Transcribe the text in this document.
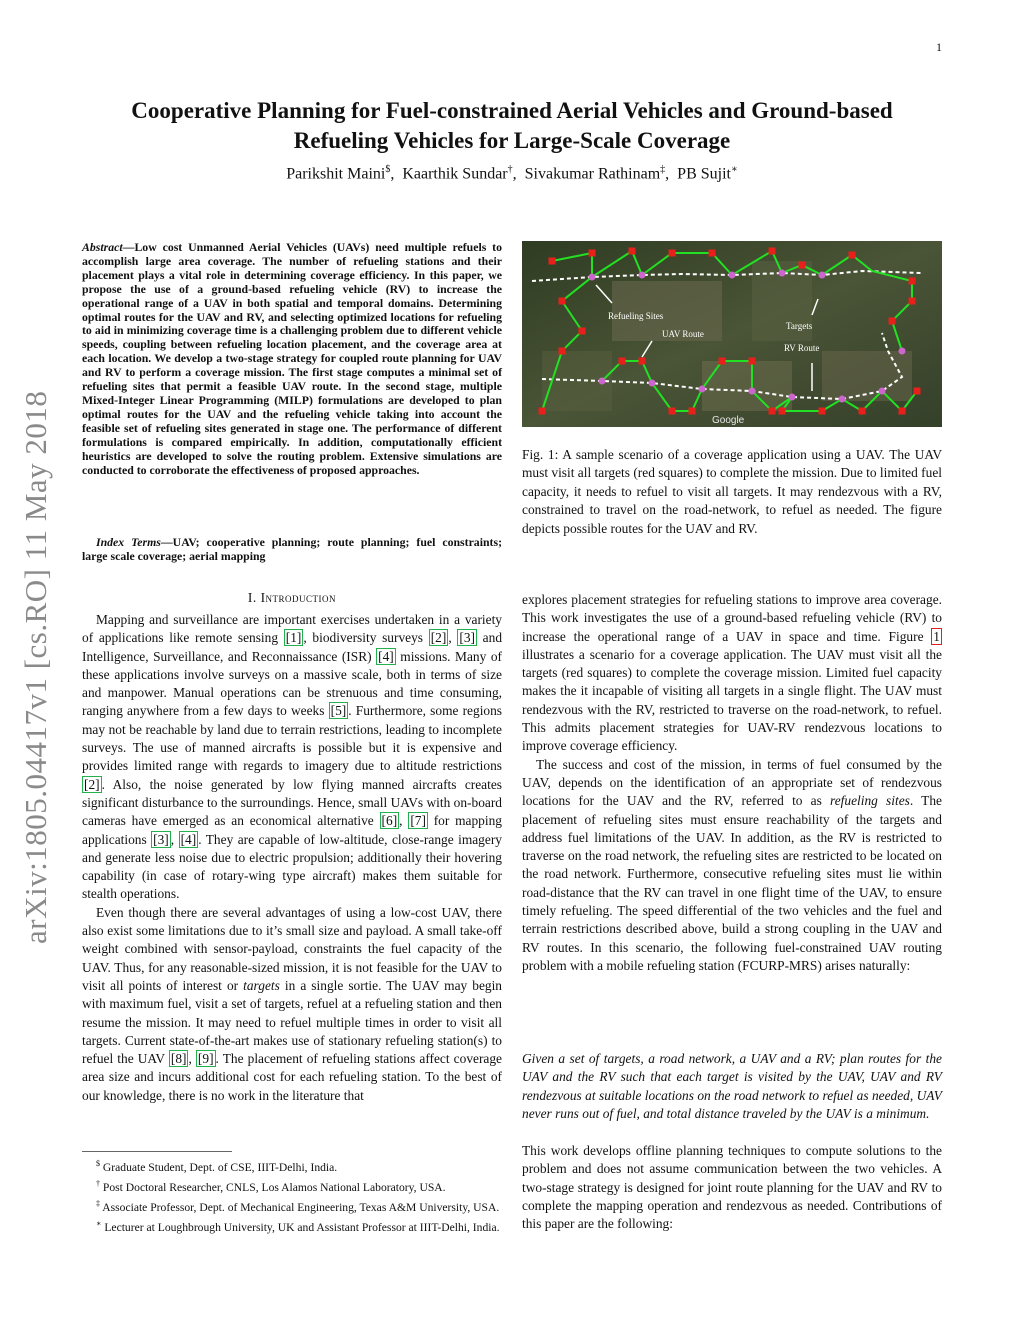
1
arXiv:1805.04417v1 [cs.RO] 11 May 2018
Cooperative Planning for Fuel-constrained Aerial Vehicles and Ground-based
Refueling Vehicles for Large-Scale Coverage
Parikshit Maini$,  Kaarthik Sundar†,  Sivakumar Rathinam‡,  PB Sujit∗
Abstract—Low cost Unmanned Aerial Vehicles (UAVs) need multiple refuels to accomplish large area coverage. The number of refueling stations and their placement plays a vital role in determining coverage efficiency. In this paper, we propose the use of a ground-based refueling vehicle (RV) to increase the operational range of a UAV in both spatial and temporal domains. Determining optimal routes for the UAV and RV, and selecting optimized locations for refueling to aid in minimizing coverage time is a challenging problem due to different vehicle speeds, coupling between refueling location placement, and the coverage area at each location. We develop a two-stage strategy for coupled route planning for UAV and RV to perform a coverage mission. The first stage computes a minimal set of refueling sites that permit a feasible UAV route. In the second stage, multiple Mixed-Integer Linear Programming (MILP) formulations are developed to plan optimal routes for the UAV and the refueling vehicle taking into account the feasible set of refueling sites generated in stage one. The performance of different formulations is compared empirically. In addition, computationally efficient heuristics are developed to solve the routing problem. Extensive simulations are conducted to corroborate the effectiveness of proposed approaches.
Index Terms—UAV; cooperative planning; route planning; fuel constraints; large scale coverage; aerial mapping
I. Introduction

Mapping and surveillance are important exercises undertaken in a variety of applications like remote sensing [1] , biodiversity surveys [2] , [3] and Intelligence, Surveillance, and Reconnaissance (ISR) [4] missions. Many of these applications involve surveys on a massive scale, both in terms of size and manpower. Manual operations can be strenuous and time consuming, ranging anywhere from a few days to weeks [5] . Furthermore, some regions may not be reachable by land due to terrain restrictions, leading to incomplete surveys. The use of manned aircrafts is possible but it is expensive and provides limited range with regards to imagery due to altitude restrictions [2] . Also, the noise generated by low flying manned aircrafts creates significant disturbance to the surroundings. Hence, small UAVs with on-board cameras have emerged as an economical alternative [6] , [7] for mapping applications [3] , [4] . They are capable of low-altitude, close-range imagery and generate less noise due to electric propulsion; additionally their hovering capability (in case of rotary-wing type aircraft) makes them suitable for stealth operations.

Even though there are several advantages of using a low-cost UAV, there also exist some limitations due to it’s small size and payload. A small take-off weight combined with sensor-payload, constraints the fuel capacity of the UAV. Thus, for any reasonable-sized mission, it is not feasible for the UAV to visit all points of interest or targets in a single sortie. The UAV may begin with maximum fuel, visit a set of targets, refuel at a refueling station and then resume the mission. It may need to refuel multiple times in order to visit all targets. Current state-of-the-art makes use of stationary refueling station(s) to refuel the UAV [8] , [9] . The placement of refueling stations affect coverage area size and incurs additional cost for each refueling station. To the best of our knowledge, there is no work in the literature that

$ Graduate Student, Dept. of CSE, IIIT-Delhi, India.

† Post Doctoral Researcher, CNLS, Los Alamos National Laboratory, USA.

‡ Associate Professor, Dept. of Mechanical Engineering, Texas A&M University, USA.

∗ Lecturer at Loughbrough University, UK and Assistant Professor at IIIT-Delhi, India.

Refueling Sites
UAV Route
Targets
RV Route
Google
Fig. 1: A sample scenario of a coverage application using a UAV. The UAV must visit all targets (red squares) to complete the mission. Due to limited fuel capacity, it needs to refuel to visit all targets. It may rendezvous with a RV, constrained to travel on the road-network, to refuel as needed. The figure depicts possible routes for the UAV and RV.

explores placement strategies for refueling stations to improve area coverage. This work investigates the use of a ground-based refueling vehicle (RV) to increase the operational range of a UAV in space and time. Figure 1 illustrates a scenario for a coverage application. The UAV must visit all the targets (red squares) to complete the coverage mission. Limited fuel capacity makes the it incapable of visiting all targets in a single flight. The UAV must rendezvous with the RV, restricted to traverse on the road-network, to refuel. This admits placement strategies for UAV-RV rendezvous locations to improve coverage efficiency.

The success and cost of the mission, in terms of fuel consumed by the UAV, depends on the identification of an appropriate set of rendezvous locations for the UAV and the RV, referred to as refueling sites. The placement of refueling sites must ensure reachability of the targets and address fuel limitations of the UAV. In addition, as the RV is restricted to traverse on the road network, the refueling sites are restricted to be located on the road network. Furthermore, consecutive refueling sites must lie within road-distance that the RV can travel in one flight time of the UAV, to ensure timely refueling. The speed differential of the two vehicles and the fuel and terrain restrictions described above, build a strong coupling in the UAV and RV routes. In this scenario, the following fuel-constrained UAV routing problem with a mobile refueling station (FCURP-MRS) arises naturally:

Given a set of targets, a road network, a UAV and a RV; plan routes for the UAV and the RV such that each target is visited by the UAV, UAV and RV rendezvous at suitable locations on the road network to refuel as needed, UAV never runs out of fuel, and total distance traveled by the UAV is a minimum.
This work develops offline planning techniques to compute solutions to the problem and does not assume communication between the two vehicles. A two-stage strategy is designed for joint route planning for the UAV and RV to complete the mapping operation and rendezvous as needed. Contributions of this paper are the following:
